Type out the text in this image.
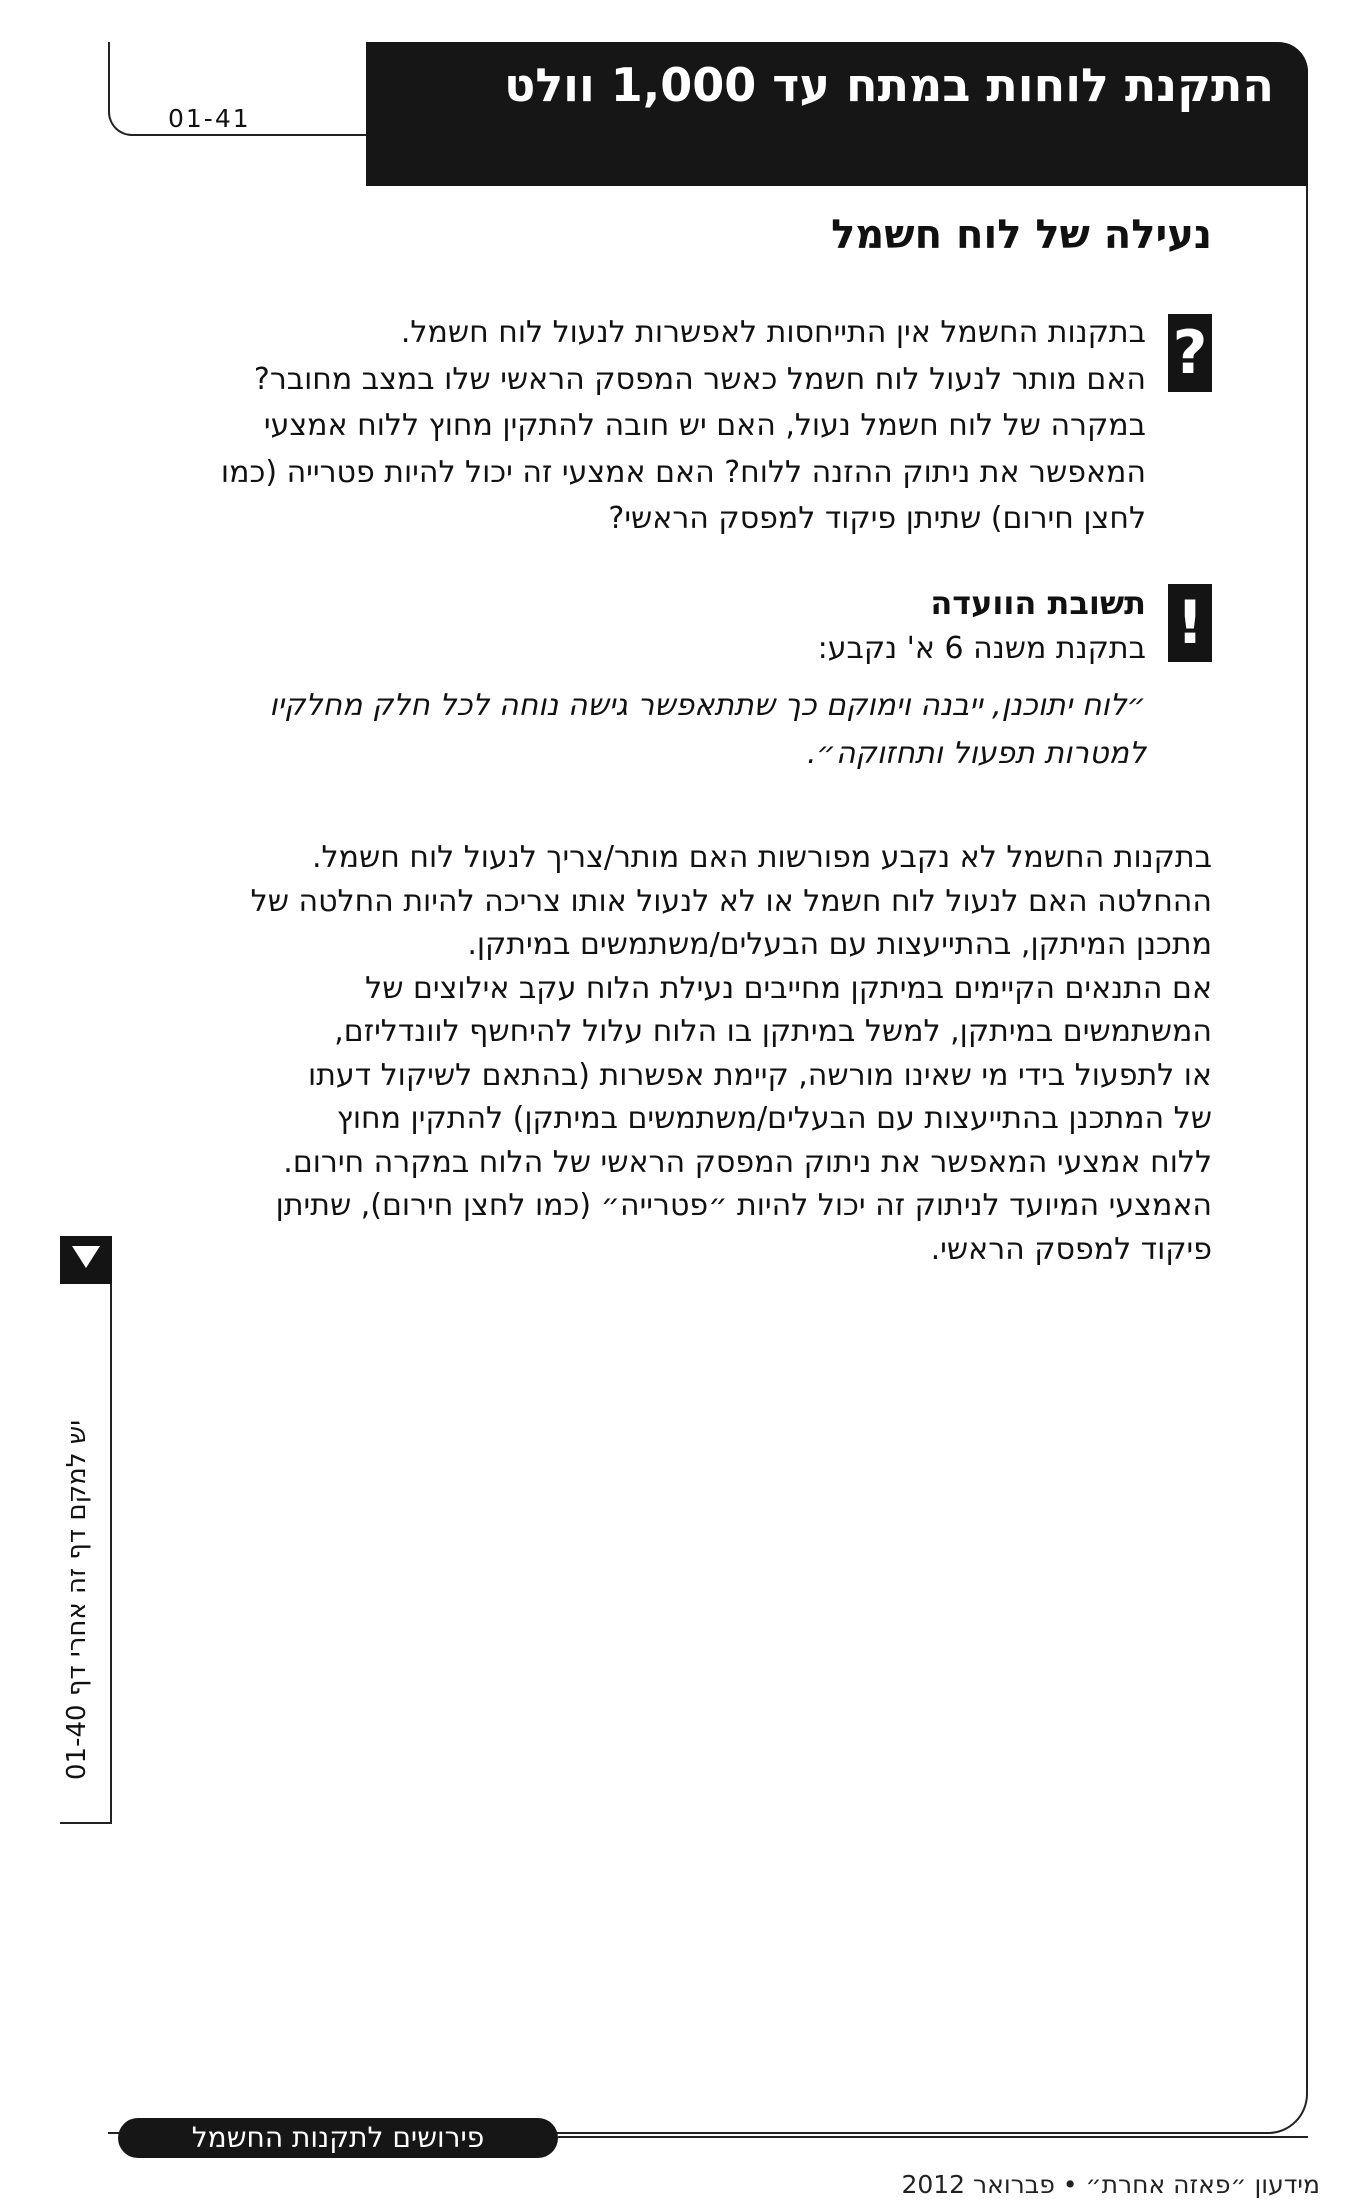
01-41
התקנת לוחות במתח עד 1,000 וולט
נעילה של לוח חשמל
?
בתקנות החשמל אין התייחסות לאפשרות לנעול לוח חשמל.
האם מותר לנעול לוח חשמל כאשר המפסק הראשי שלו במצב מחובר?
במקרה של לוח חשמל נעול, האם יש חובה להתקין מחוץ ללוח אמצעי
המאפשר את ניתוק ההזנה ללוח? האם אמצעי זה יכול להיות פטרייה (כמו
לחצן חירום) שתיתן פיקוד למפסק הראשי?
!
תשובת הוועדה
בתקנת משנה 6 א' נקבע:
״לוח יתוכנן, ייבנה וימוקם כך שתתאפשר גישה נוחה לכל חלק מחלקיו
למטרות תפעול ותחזוקה״.

בתקנות החשמל לא נקבע מפורשות האם מותר/צריך לנעול לוח חשמל.

ההחלטה האם לנעול לוח חשמל או לא לנעול אותו צריכה להיות החלטה של

מתכנן המיתקן, בהתייעצות עם הבעלים/משתמשים במיתקן.

אם התנאים הקיימים במיתקן מחייבים נעילת הלוח עקב אילוצים של

המשתמשים במיתקן, למשל במיתקן בו הלוח עלול להיחשף לוונדליזם,

או לתפעול בידי מי שאינו מורשה, קיימת אפשרות (בהתאם לשיקול דעתו

של המתכנן בהתייעצות עם הבעלים/משתמשים במיתקן) להתקין מחוץ

ללוח אמצעי המאפשר את ניתוק המפסק הראשי של הלוח במקרה חירום.

האמצעי המיועד לניתוק זה יכול להיות ״פטרייה״ (כמו לחצן חירום), שתיתן

פיקוד למפסק הראשי.

יש למקם דף זה אחרי דף 01-40
פירושים לתקנות החשמל
מידעון ״פאזה אחרת״ • פברואר 2012
